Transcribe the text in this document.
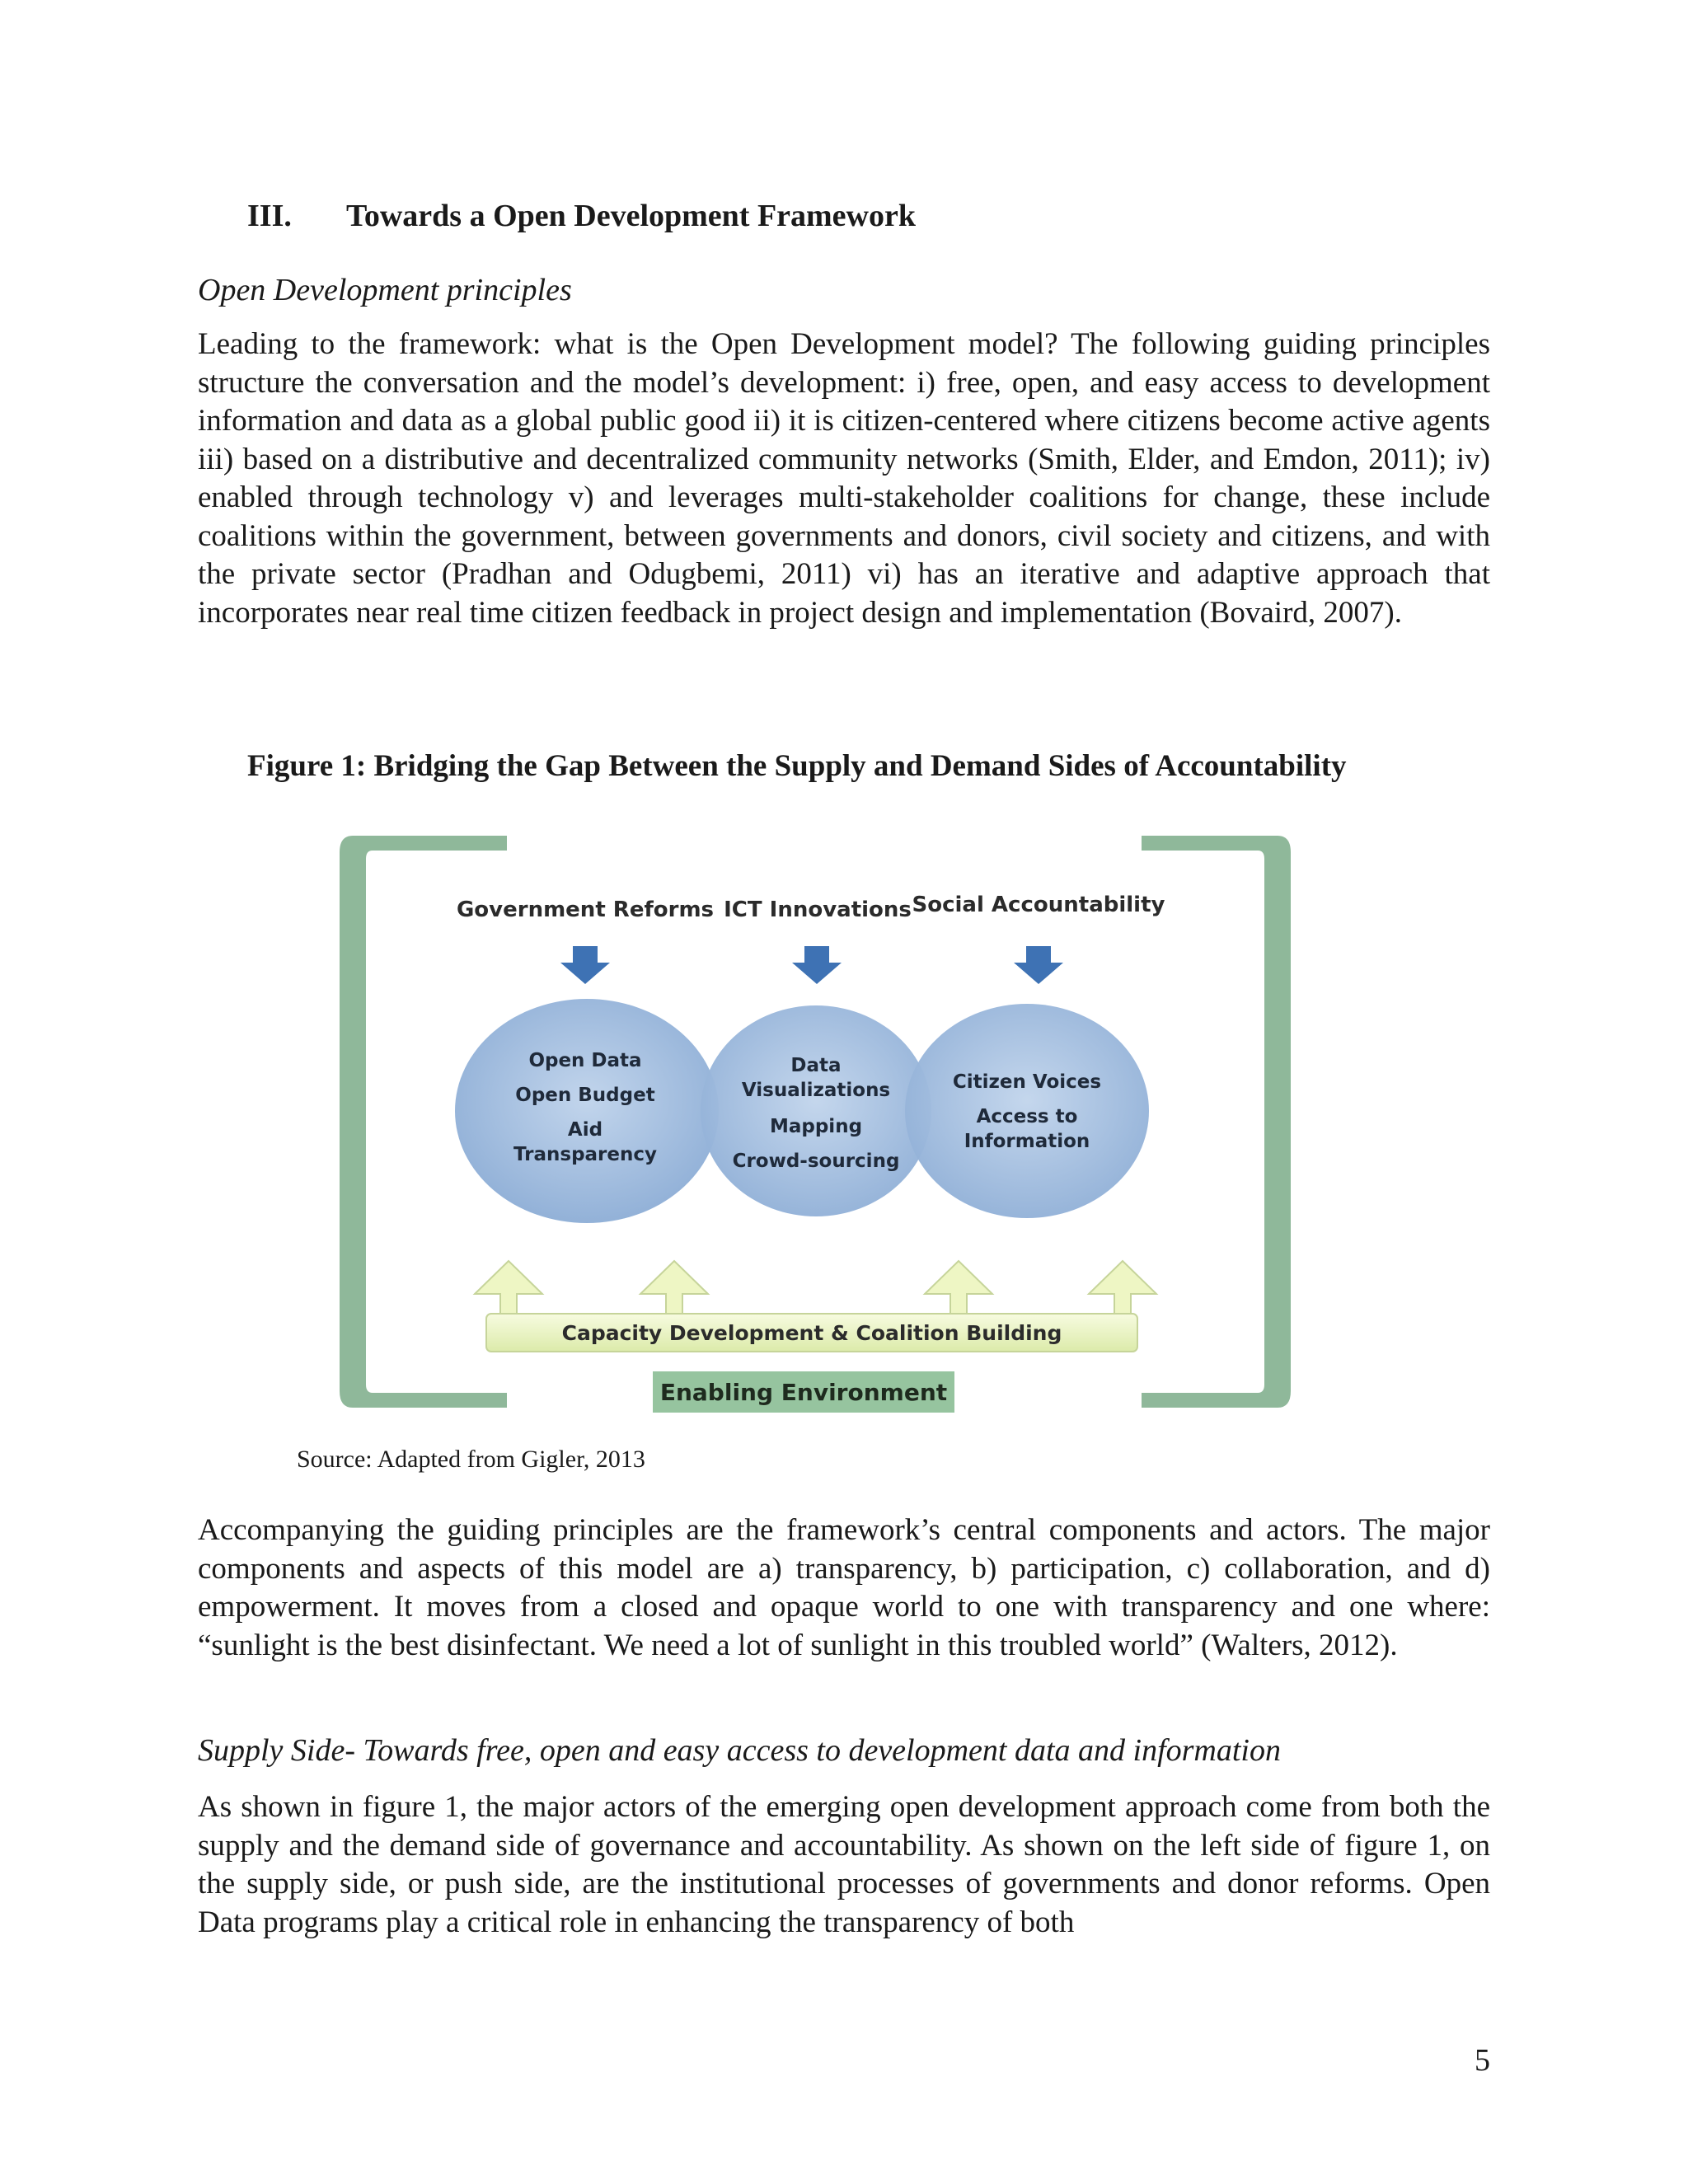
III. Towards a Open Development Framework
Open Development principles

Leading to the framework: what is the Open Development model? The following guiding principles structure the conversation and the model’s development: i) free, open, and easy access to development information and data as a global public good ii) it is citizen-centered where citizens become active agents iii) based on a distributive and decentralized community networks (Smith, Elder, and Emdon, 2011); iv) enabled through technology v) and leverages multi-stakeholder coalitions for change, these include coalitions within the government, between governments and donors, civil society and citizens, and with the private sector (Pradhan and Odugbemi, 2011) vi) has an iterative and adaptive approach that incorporates near real time citizen feedback in project design and implementation (Bovaird, 2007).

Figure 1: Bridging the Gap Between the Supply and Demand Sides of Accountability
Government Reforms ICT Innovations Social Accountability
Open Data
Open Budget
Aid
Transparency
Data
Visualizations
Mapping
Crowd-sourcing
Citizen Voices
Access to
Information
Capacity Development & Coalition Building
Enabling Environment
Source: Adapted from Gigler, 2013

Accompanying the guiding principles are the framework’s central components and actors. The major components and aspects of this model are a) transparency, b) participation, c) collaboration, and d) empowerment. It moves from a closed and opaque world to one with transparency and one where: “sunlight is the best disinfectant. We need a lot of sunlight in this troubled world” (Walters, 2012).

Supply Side- Towards free, open and easy access to development data and information

As shown in figure 1, the major actors of the emerging open development approach come from both the supply and the demand side of governance and accountability. As shown on the left side of figure 1, on the supply side, or push side, are the institutional processes of governments and donor reforms. Open Data programs play a critical role in enhancing the transparency of both

5
